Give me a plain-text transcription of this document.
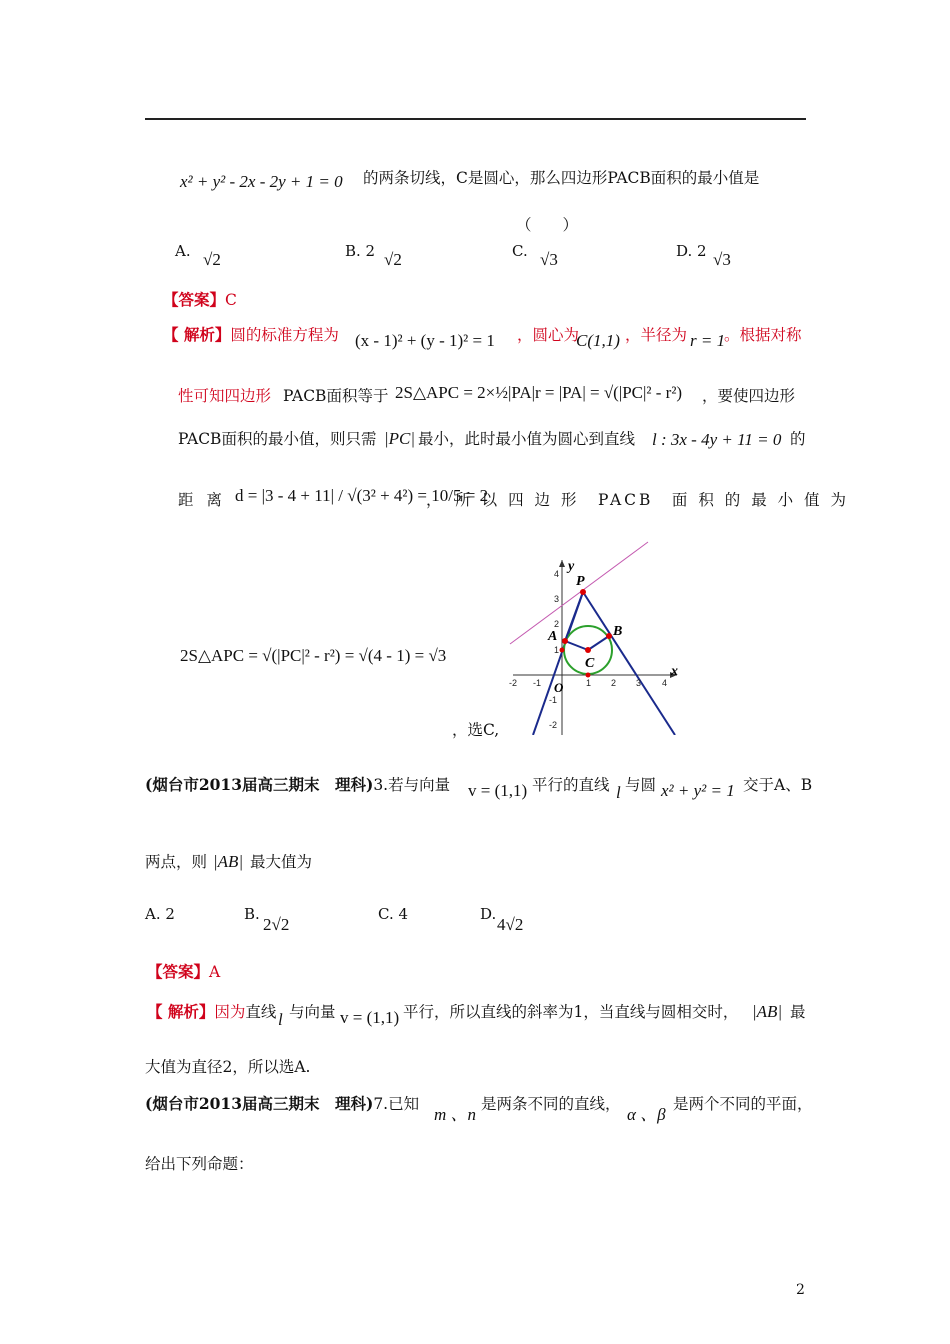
x² + y² - 2x - 2y + 1 = 0 的两条切线，C是圆心，那么四边形PACB面积的最小值是
（　　）
A. √2	B. 2 √2	C. √3	D. 2 √3
【答案】C
【 解析】圆的标准方程为 (x - 1)² + (y - 1)² = 1 ，圆心为
C(1,1) ，半径为 r = 1
。根据对称
性可知四边形 PACB面积等于 2S△APC = 2×½|PA|r = |PA| = √(|PC|² - r²) ，要使四边形
PACB面积的最小值，则只需 |PC| 最小，此时最小值为圆心到直线 l : 3x - 4y + 11 = 0 的
距 离 d = |3 - 4 + 11| / √(3² + 4²) = 10/5 = 2
，　所 以 四 边 形　PACB　面 积 的 最 小 值 为
2S△APC = √(|PC|² - r²) = √(4 - 1) = √3
，选C,
P
A	B
C
O
x
y
-2 -1	1 2 3 4
4
3
2
1
-1
-2
(烟台市2013届高三期末　理科)3.若与向量 v = (1,1) 平行的直线 l 与圆 x² + y² = 1 交于A、B
两点，则 |AB| 最大值为
A. 2	B.
2√2
C. 4	D.
4√2
【答案】A
【 解析】因为直线 l 与向量 v = (1,1) 平行，所以直线的斜率为1，当直线与圆相交时， |AB| 最
大值为直径2，所以选A.
(烟台市2013届高三期末　理科)7.已知
m 、n
是两条不同的直线，
α 、β
是两个不同的平面，
给出下列命题：
2
